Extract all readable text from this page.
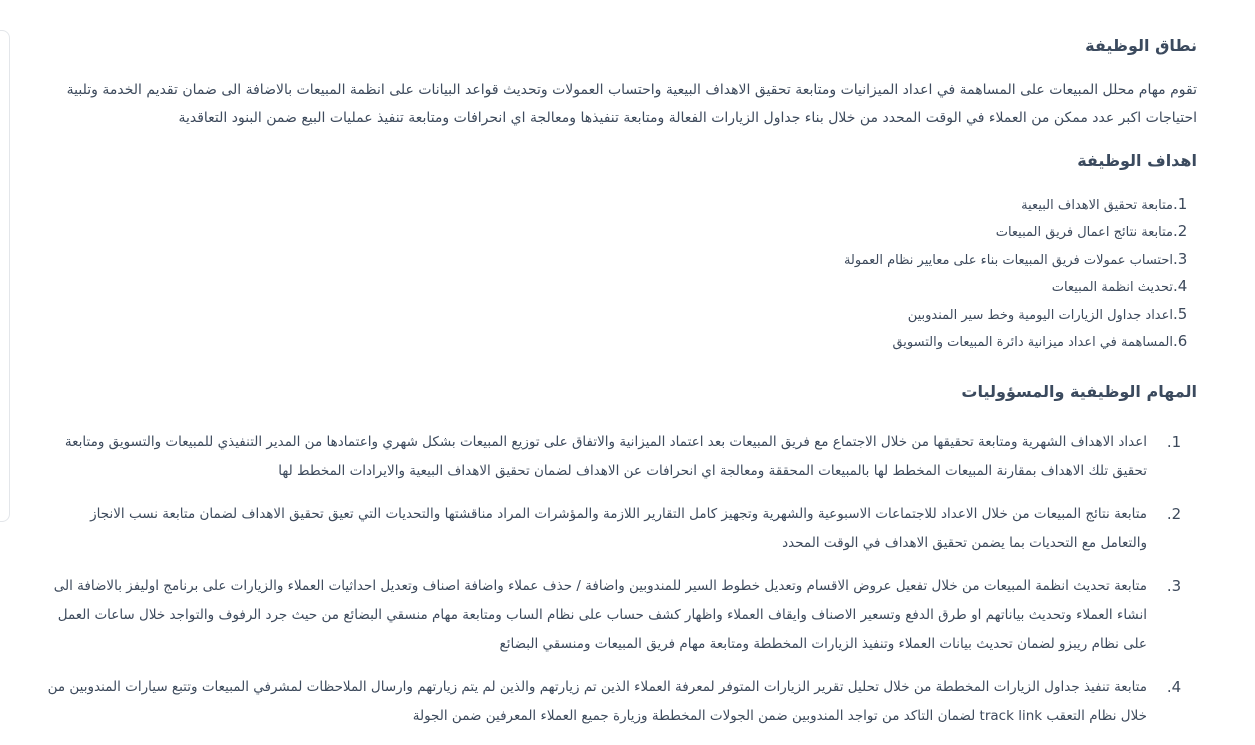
نطاق الوظيفة

تقوم مهام محلل المبيعات على المساهمة في اعداد الميزانيات ومتابعة تحقيق الاهداف البيعية واحتساب العمولات وتحديث قواعد البيانات على انظمة المبيعات بالاضافة الى ضمان تقديم الخدمة وتلبية احتياجات اكبر عدد ممكن من العملاء في الوقت المحدد من خلال بناء جداول الزيارات الفعالة ومتابعة تنفيذها ومعالجة اي انحرافات ومتابعة تنفيذ عمليات البيع ضمن البنود التعاقدية

اهداف الوظيفة
1.متابعة تحقيق الاهداف البيعية
2.متابعة نتائج اعمال فريق المبيعات
3.احتساب عمولات فريق المبيعات بناء على معايير نظام العمولة
4.تحديث انظمة المبيعات
5.اعداد جداول الزيارات اليومية وخط سير المندوبين
6.المساهمة في اعداد ميزانية دائرة المبيعات والتسويق
المهام الوظيفية والمسؤوليات
1.
اعداد الاهداف الشهرية ومتابعة تحقيقها من خلال الاجتماع مع فريق المبيعات بعد اعتماد الميزانية والاتفاق على توزيع المبيعات بشكل شهري واعتمادها من المدير التنفيذي للمبيعات والتسويق ومتابعة تحقيق تلك الاهداف بمقارنة المبيعات المخطط لها بالمبيعات المحققة ومعالجة اي انحرافات عن الاهداف لضمان تحقيق الاهداف البيعية والايرادات المخطط لها
2.
متابعة نتائج المبيعات من خلال الاعداد للاجتماعات الاسبوعية والشهرية وتجهيز كامل التقارير اللازمة والمؤشرات المراد مناقشتها والتحديات التي تعيق تحقيق الاهداف لضمان متابعة نسب الانجاز والتعامل مع التحديات بما يضمن تحقيق الاهداف في الوقت المحدد
3.
متابعة تحديث انظمة المبيعات من خلال تفعيل عروض الاقسام وتعديل خطوط السير للمندوبين واضافة / حذف عملاء واضافة اصناف وتعديل احداثيات العملاء والزيارات على برنامج اوليفز بالاضافة الى انشاء العملاء وتحديث بياناتهم او طرق الدفع وتسعير الاصناف وايقاف العملاء واظهار كشف حساب على نظام الساب ومتابعة مهام منسقي البضائع من حيث جرد الرفوف والتواجد خلال ساعات العمل على نظام ريبزو لضمان تحديث بيانات العملاء وتنفيذ الزيارات المخططة ومتابعة مهام فريق المبيعات ومنسقي البضائع
4.
متابعة تنفيذ جداول الزيارات المخططة من خلال تحليل تقرير الزيارات المتوفر لمعرفة العملاء الذين تم زيارتهم والذين لم يتم زيارتهم وارسال الملاحظات لمشرفي المبيعات وتتبع سيارات المندوبين من خلال نظام التعقب track link لضمان التاكد من تواجد المندوبين ضمن الجولات المخططة وزيارة جميع العملاء المعرفين ضمن الجولة
